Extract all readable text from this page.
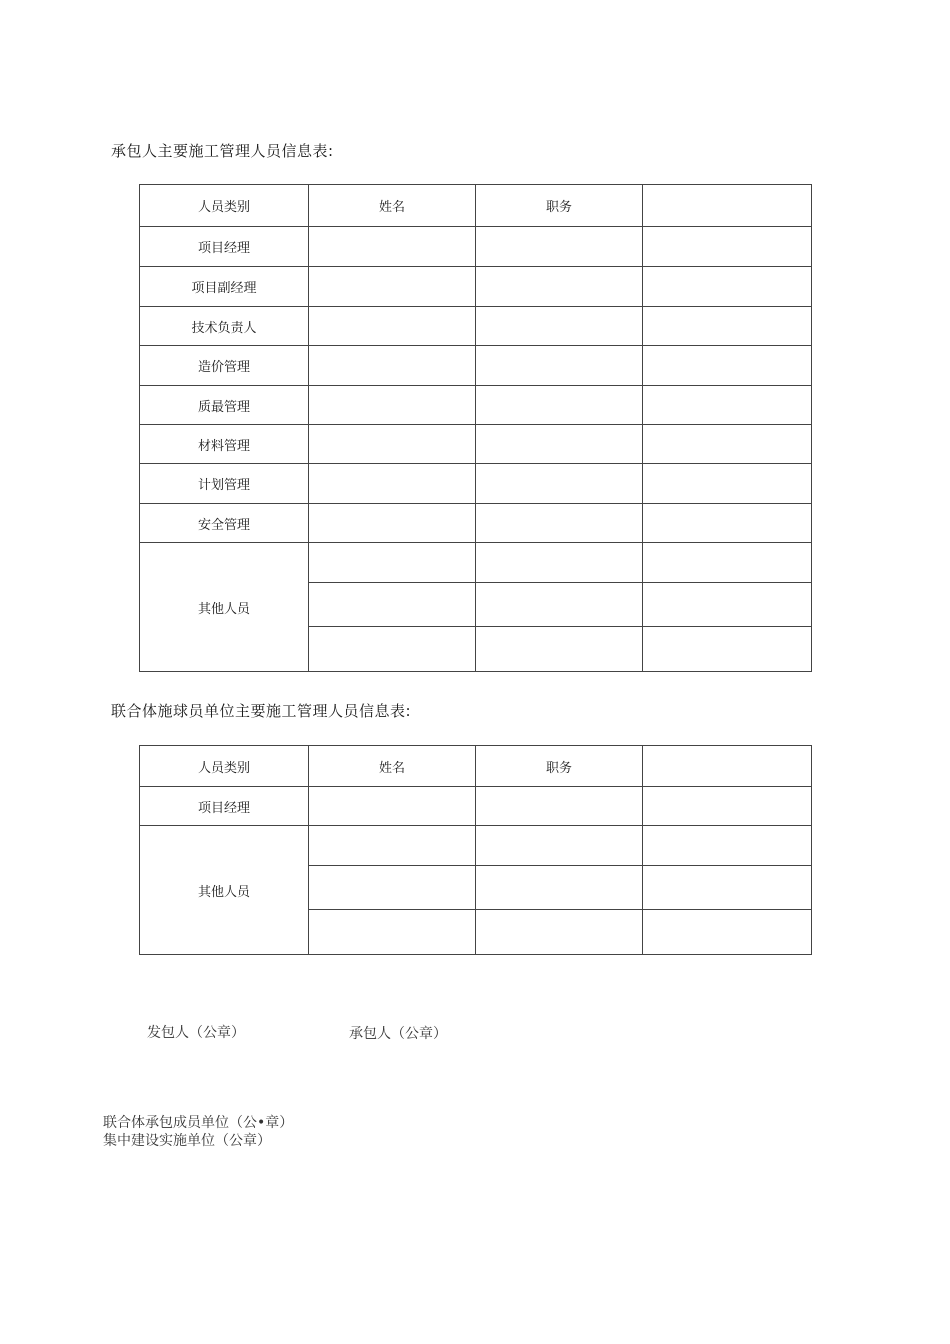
承包人主要施工管理人员信息表:
人员类别	姓名	职务	
项目经理			
项目副经理			
技术负责人			
造价管理			
质最管理			
材料管理			
计划管理			
安全管理			
其他人员			

联合体施球员单位主要施工管理人员信息表:
人员类别	姓名	职务	
项目经理			
其他人员			

发包人（公章）	承包人（公章）
联合体承包成员单位（公•章）
集中建设实施单位（公章）
